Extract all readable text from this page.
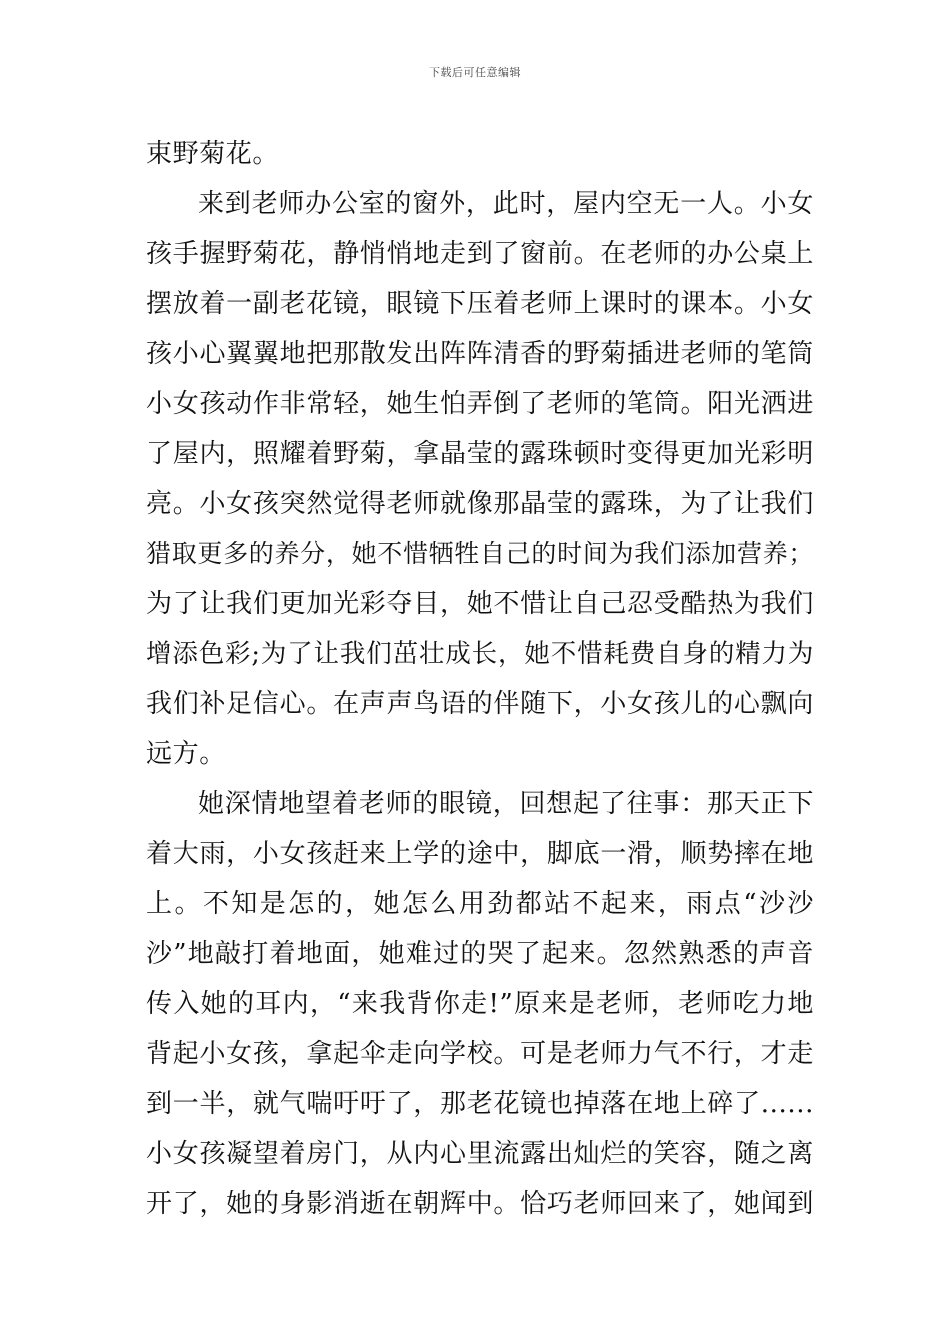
下载后可任意编辑
束野菊花。
来到老师办公室的窗外，此时，屋内空无一人。小女
孩手握野菊花，静悄悄地走到了窗前。在老师的办公桌上
摆放着一副老花镜，眼镜下压着老师上课时的课本。小女
孩小心翼翼地把那散发出阵阵清香的野菊插进老师的笔筒
小女孩动作非常轻，她生怕弄倒了老师的笔筒。阳光洒进
了屋内，照耀着野菊，拿晶莹的露珠顿时变得更加光彩明
亮。小女孩突然觉得老师就像那晶莹的露珠，为了让我们
猎取更多的养分，她不惜牺牲自己的时间为我们添加营养；
为了让我们更加光彩夺目，她不惜让自己忍受酷热为我们
增添色彩;为了让我们茁壮成长，她不惜耗费自身的精力为
我们补足信心。在声声鸟语的伴随下，小女孩儿的心飘向
远方。
她深情地望着老师的眼镜，回想起了往事：那天正下
着大雨，小女孩赶来上学的途中，脚底一滑，顺势摔在地
上。不知是怎的，她怎么用劲都站不起来，雨点“沙沙
沙”地敲打着地面，她难过的哭了起来。忽然熟悉的声音
传入她的耳内，“来我背你走!”原来是老师，老师吃力地
背起小女孩，拿起伞走向学校。可是老师力气不行，才走
到一半，就气喘吁吁了，那老花镜也掉落在地上碎了......
小女孩凝望着房门，从内心里流露出灿烂的笑容，随之离
开了，她的身影消逝在朝辉中。恰巧老师回来了，她闻到
